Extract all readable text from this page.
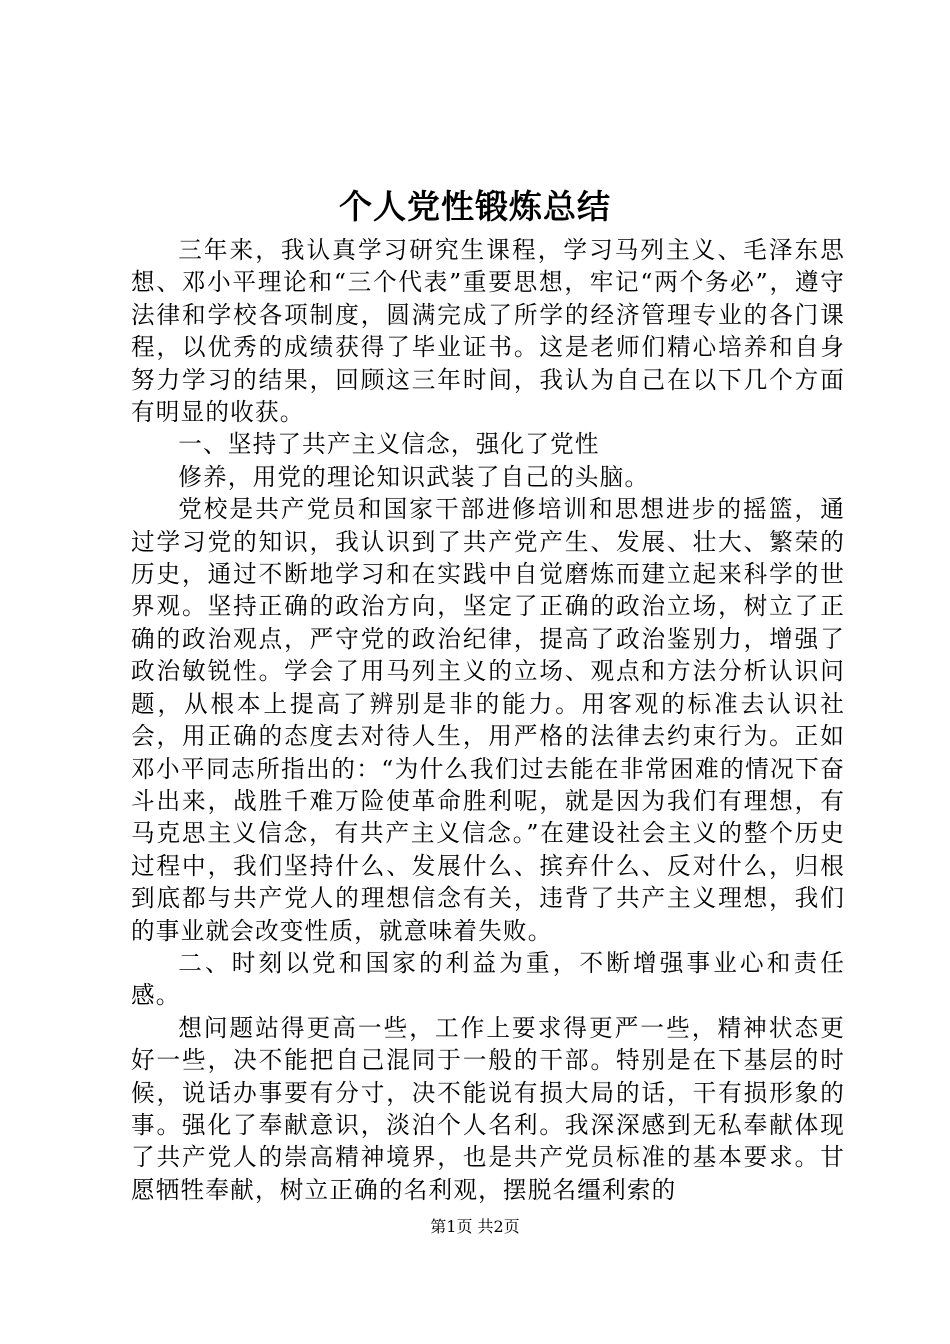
个人党性锻炼总结

三年来，我认真学习研究生课程，学习马列主义、毛泽东思想、邓小平理论和“三个代表”重要思想，牢记“两个务必”，遵守法律和学校各项制度，圆满完成了所学的经济管理专业的各门课程，以优秀的成绩获得了毕业证书。这是老师们精心培养和自身努力学习的结果，回顾这三年时间，我认为自己在以下几个方面有明显的收获。

一、坚持了共产主义信念，强化了党性

修养，用党的理论知识武装了自己的头脑。

党校是共产党员和国家干部进修培训和思想进步的摇篮，通过学习党的知识，我认识到了共产党产生、发展、壮大、繁荣的历史，通过不断地学习和在实践中自觉磨炼而建立起来科学的世界观。坚持正确的政治方向，坚定了正确的政治立场，树立了正确的政治观点，严守党的政治纪律，提高了政治鉴别力，增强了政治敏锐性。学会了用马列主义的立场、观点和方法分析认识问题，从根本上提高了辨别是非的能力。用客观的标准去认识社会，用正确的态度去对待人生，用严格的法律去约束行为。正如邓小平同志所指出的：“为什么我们过去能在非常困难的情况下奋斗出来，战胜千难万险使革命胜利呢，就是因为我们有理想，有马克思主义信念，有共产主义信念。”在建设社会主义的整个历史过程中，我们坚持什么、发展什么、摈弃什么、反对什么，归根到底都与共产党人的理想信念有关，违背了共产主义理想，我们的事业就会改变性质，就意味着失败。

二、时刻以党和国家的利益为重，不断增强事业心和责任感。

想问题站得更高一些，工作上要求得更严一些，精神状态更好一些，决不能把自己混同于一般的干部。特别是在下基层的时候，说话办事要有分寸，决不能说有损大局的话，干有损形象的事。强化了奉献意识，淡泊个人名利。我深深感到无私奉献体现了共产党人的崇高精神境界，也是共产党员标准的基本要求。甘愿牺牲奉献，树立正确的名利观，摆脱名缰利索的

第1页 共2页
